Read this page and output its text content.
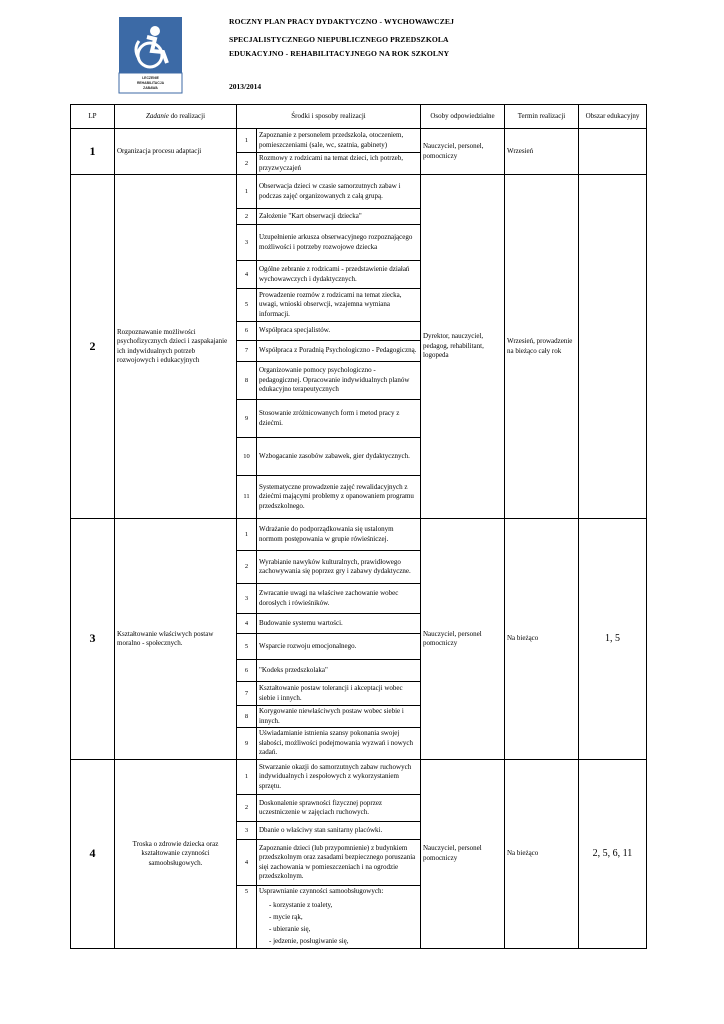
LECZENIE
REHABILITACJA
ZABAWA
ROCZNY PLAN PRACY DYDAKTYCZNO - WYCHOWAWCZEJ
SPECJALISTYCZNEGO NIEPUBLICZNEGO PRZEDSZKOLA
EDUKACYJNO - REHABILITACYJNEGO NA ROK SZKOLNY
2013/2014
LP	Zadanie do realizacji	Środki i sposoby realizacji		Osoby odpowiedzialne	Termin realizacji	Obszar edukacyjny
1	Organizacja procesu adaptacji	1	Zapoznanie z personelem przedszkola, otoczeniem, pomieszczeniami (sale, wc, szatnia, gabinety)	Nauczyciel, personel, pomocniczy	Wrzesień	
		2	Rozmowy z rodzicami na temat dzieci, ich potrzeb, przyzwyczajeń			
2	Rozpoznawanie możliwości psychofizycznych dzieci i zaspakajanie ich indywidualnych potrzeb rozwojowych i edukacyjnych	1	Obserwacja dzieci w czasie samorzutnych zabaw i podczas zajęć organizowanych z całą grupą.	Dyrektor, nauczyciel, pedagog, rehabilitant, logopeda	Wrzesień, prowadzenie na bieżąco cały rok	
		2	Założenie "Kart obserwacji dziecka"			
		3	Uzupełnienie arkusza obserwacyjnego rozpoznającego możliwości i potrzeby rozwojowe dziecka			
		4	Ogólne zebranie z rodzicami - przedstawienie działań wychowawczych i dydaktycznych.			
		5	Prowadzenie rozmów z rodzicami na temat ziecka, uwagi, wnioski obserwcji, wzajemna wymiana informacji.			
		6	Współpraca specjalistów.			
		7	Współpraca z Poradnią Psychologiczno - Pedagogiczną.			
		8	Organizowanie pomocy psychologiczno - pedagogicznej. Opracowanie indywidualnych planów edukacyjno terapeutycznych			
		9	Stosowanie zróżnicowanych form i metod pracy z dziećmi.			
		10	Wzbogacanie zasobów zabawek, gier dydaktycznych.			
		11	Systematyczne prowadzenie zajęć rewalidacyjnych z dziećmi mającymi problemy z opanowaniem programu przedszkolnego.			
3	Kształtowanie właściwych postaw moralno - społecznych.	1	Wdrażanie do podporządkowania się ustalonym normom postępowania w grupie rówieśniczej.	Nauczyciel, personel pomocniczy	Na bieżąco	1, 5
		2	Wyrabianie nawyków kulturalnych, prawidłowego zachowywania się poprzez gry i zabawy dydaktyczne.			
		3	Zwracanie uwagi na właściwe zachowanie wobec dorosłych i rówieśników.			
		4	Budowanie systemu wartości.			
		5	Wsparcie rozwoju emocjonalnego.			
		6	"Kodeks przedszkolaka"			
		7	Kształtowanie postaw tolerancji i akceptacji wobec siebie i innych.			
		8	Korygowanie niewłaściwych postaw wobec siebie i innych.			
		9	Uświadamianie istnienia szansy pokonania swojej słabości, możliwości podejmowania wyzwań i nowych zadań.			
4	Troska o zdrowie dziecka oraz kształtowanie czynności samoobsługowych.	1	Stwarzanie okazji do samorzutnych zabaw ruchowych indywidualnych i zespołowych z wykorzystaniem sprzętu.	Nauczyciel, personel pomocniczy	Na bieżąco	2, 5, 6, 11
		2	Doskonalenie sprawności fizycznej poprzez uczestniczenie w zajęciach ruchowych.			
		3	Dbanie o właściwy stan sanitarny placówki.			
		4	Zapoznanie dzieci (lub przypomnienie) z budynkiem przedszkolnym oraz zasadami bezpiecznego poruszania sięi zachowania w pomieszczeniach i na ogrodzie przedszkolnym.			
		5	Usprawnianie czynności samoobsługowych:
- korzystanie z toalety,
- mycie rąk,
- ubieranie się,
- jedzenie, posługiwanie się,			
